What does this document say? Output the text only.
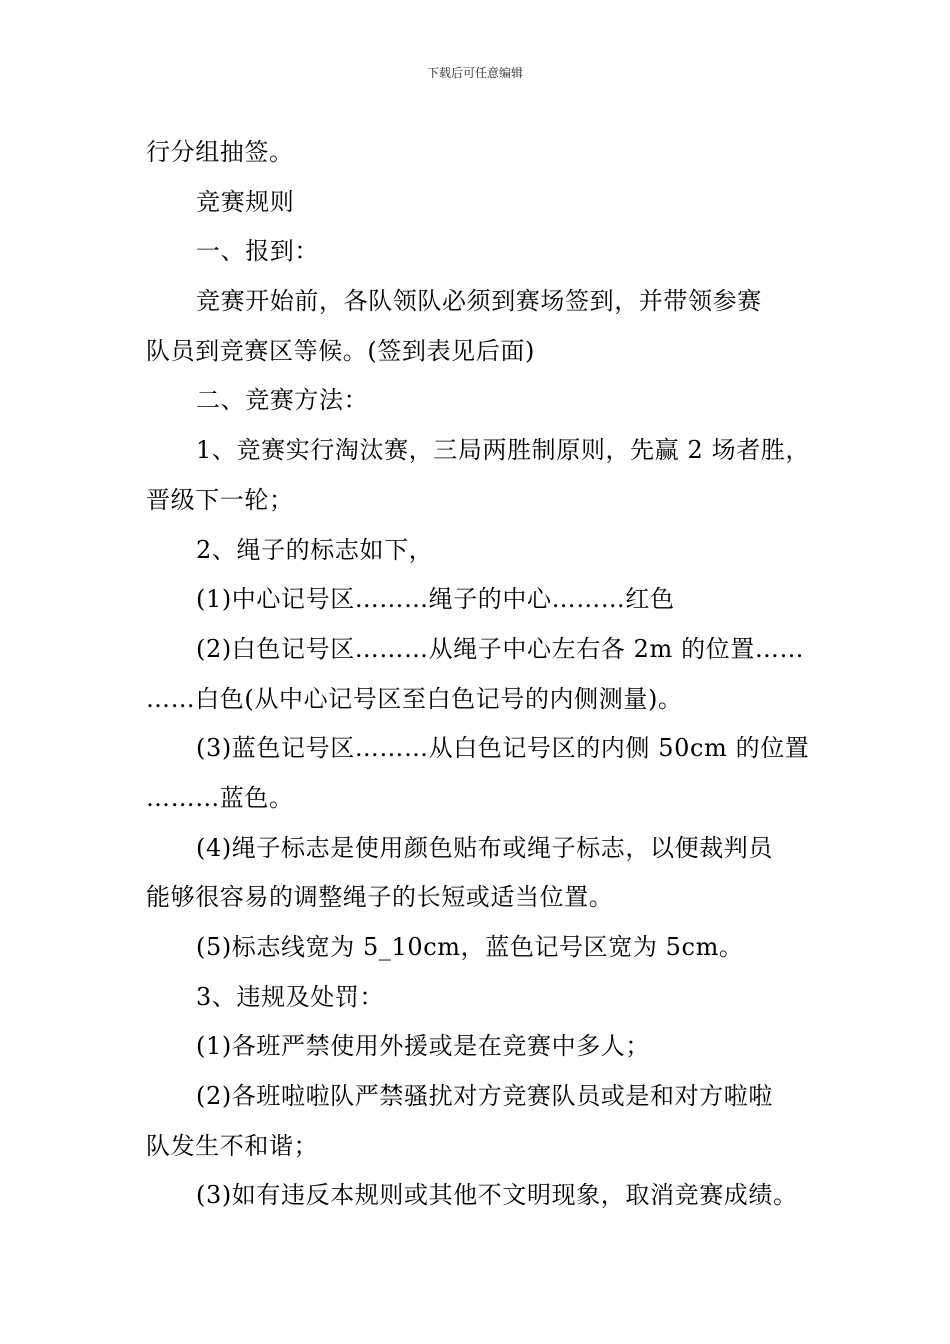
下载后可任意编辑
行分组抽签。
竞赛规则
一、报到：
竞赛开始前，各队领队必须到赛场签到，并带领参赛
队员到竞赛区等候。(签到表见后面)
二、竞赛方法：
1、竞赛实行淘汰赛，三局两胜制原则，先赢 2 场者胜，
晋级下一轮；
2、绳子的标志如下，
(1)中心记号区………绳子的中心………红色
(2)白色记号区………从绳子中心左右各 2m 的位置……
……白色(从中心记号区至白色记号的内侧测量)。
(3)蓝色记号区………从白色记号区的内侧 50cm 的位置
………蓝色。
(4)绳子标志是使用颜色贴布或绳子标志，以便裁判员
能够很容易的调整绳子的长短或适当位置。
(5)标志线宽为 5_10cm，蓝色记号区宽为 5cm。
3、违规及处罚：
(1)各班严禁使用外援或是在竞赛中多人；
(2)各班啦啦队严禁骚扰对方竞赛队员或是和对方啦啦
队发生不和谐；
(3)如有违反本规则或其他不文明现象，取消竞赛成绩。
